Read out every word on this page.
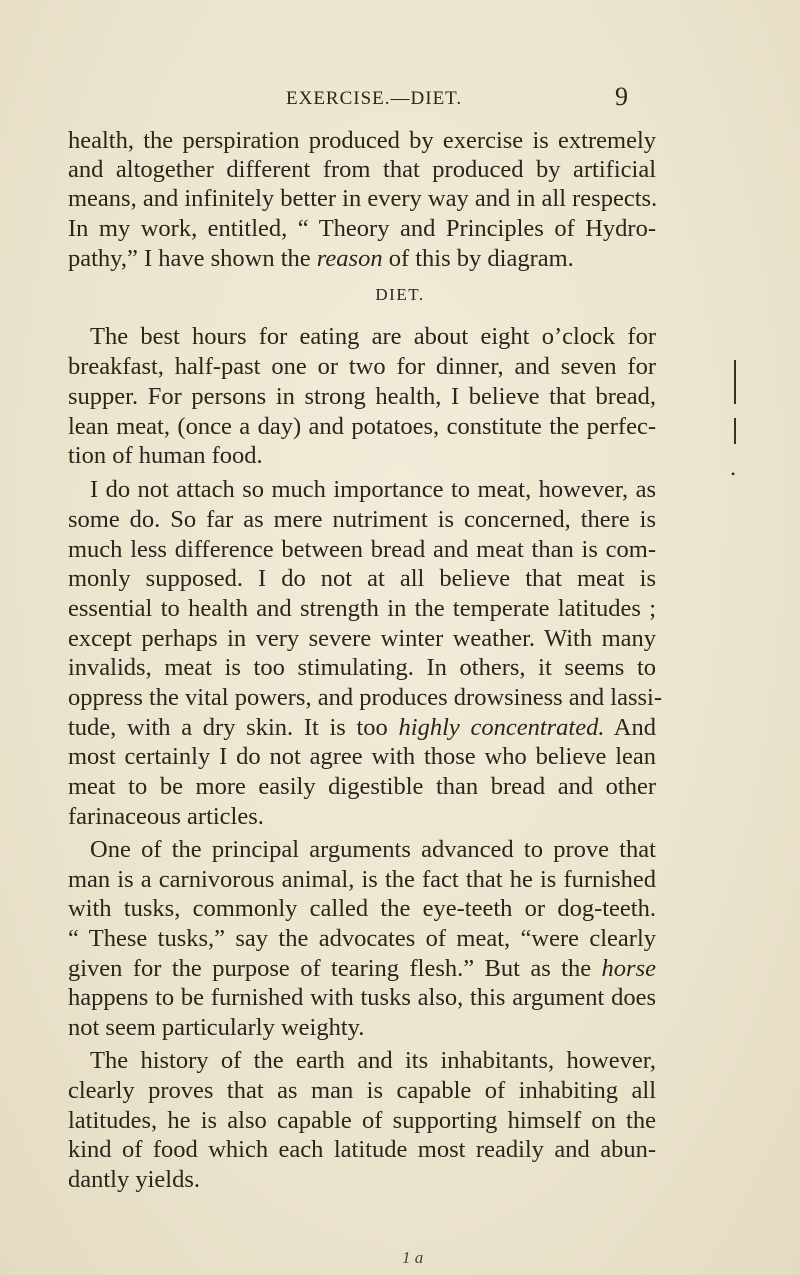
EXERCISE.—DIET.	9
health, the perspiration produced by exercise is extremely
and altogether different from that produced by artificial
means, and infinitely better in every way and in all respects.
In my work, entitled, “ Theory and Principles of Hydro-
pathy,” I have shown the reason of this by diagram.
The best hours for eating are about eight o’clock for
breakfast, half-past one or two for dinner, and seven for
supper. For persons in strong health, I believe that bread,
lean meat, (once a day) and potatoes, constitute the perfec-
tion of human food.
I do not attach so much importance to meat, however, as
some do. So far as mere nutriment is concerned, there is
much less difference between bread and meat than is com-
monly supposed. I do not at all believe that meat is
essential to health and strength in the temperate latitudes ;
except perhaps in very severe winter weather. With many
invalids, meat is too stimulating. In others, it seems to
oppress the vital powers, and produces drowsiness and lassi-
tude, with a dry skin. It is too highly concentrated. And
most certainly I do not agree with those who believe lean
meat to be more easily digestible than bread and other
farinaceous articles.
One of the principal arguments advanced to prove that
man is a carnivorous animal, is the fact that he is furnished
with tusks, commonly called the eye-teeth or dog-teeth.
“ These tusks,” say the advocates of meat, “were clearly
given for the purpose of tearing flesh.” But as the horse
happens to be furnished with tusks also, this argument does
not seem particularly weighty.
The history of the earth and its inhabitants, however,
clearly proves that as man is capable of inhabiting all
latitudes, he is also capable of supporting himself on the
kind of food which each latitude most readily and abun-
dantly yields.
DIET.
•
1 a
